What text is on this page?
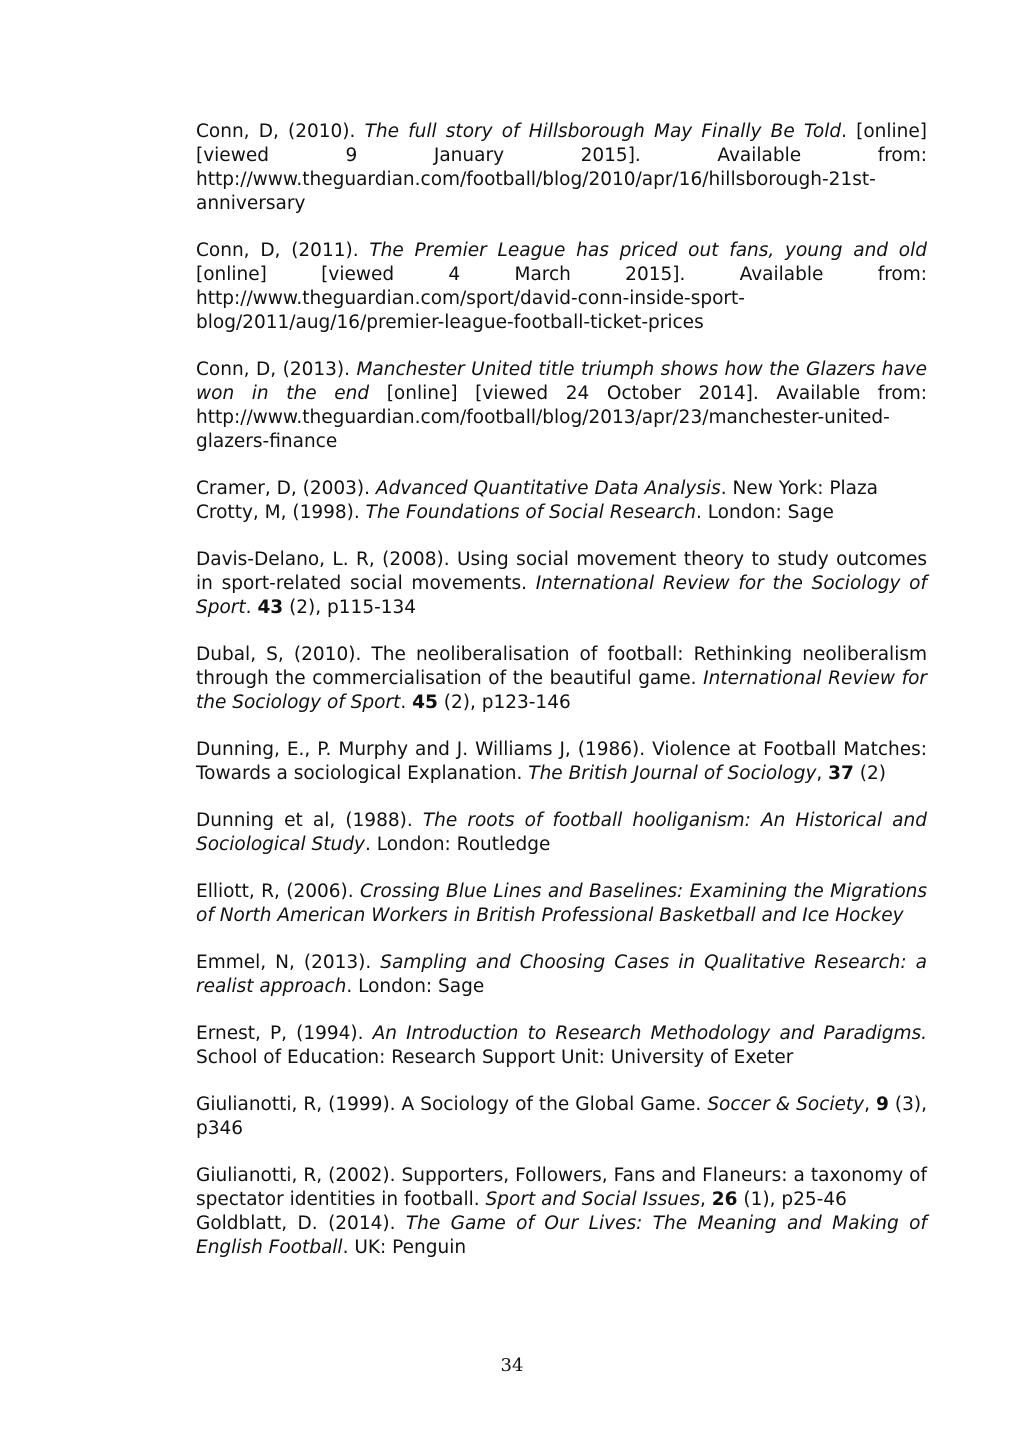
Conn, D, (2010). The full story of Hillsborough May Finally Be Told. [online] [viewed 9 January 2015]. Available from: http://www.theguardian.com/football/blog/2010/apr/16/hillsborough-21st-anniversary

Conn, D, (2011). The Premier League has priced out fans, young and old [online] [viewed 4 March 2015]. Available from: http://www.theguardian.com/sport/david-conn-inside-sport-blog/2011/aug/16/premier-league-football-ticket-prices

Conn, D, (2013). Manchester United title triumph shows how the Glazers have won in the end [online] [viewed 24 October 2014]. Available from: http://www.theguardian.com/football/blog/2013/apr/23/manchester-united-glazers-finance

Cramer, D, (2003). Advanced Quantitative Data Analysis. New York: Plaza

Crotty, M, (1998). The Foundations of Social Research. London: Sage

Davis-Delano, L. R, (2008). Using social movement theory to study outcomes in sport-related social movements. International Review for the Sociology of Sport. 43 (2), p115-134

Dubal, S, (2010). The neoliberalisation of football: Rethinking neoliberalism through the commercialisation of the beautiful game. International Review for the Sociology of Sport. 45 (2), p123-146

Dunning, E., P. Murphy and J. Williams J, (1986). Violence at Football Matches: Towards a sociological Explanation. The British Journal of Sociology, 37 (2)

Dunning et al, (1988). The roots of football hooliganism: An Historical and Sociological Study. London: Routledge

Elliott, R, (2006). Crossing Blue Lines and Baselines: Examining the Migrations of North American Workers in British Professional Basketball and Ice Hockey

Emmel, N, (2013). Sampling and Choosing Cases in Qualitative Research: a realist approach. London: Sage

Ernest, P, (1994). An Introduction to Research Methodology and Paradigms. School of Education: Research Support Unit: University of Exeter

Giulianotti, R, (1999). A Sociology of the Global Game. Soccer & Society, 9 (3), p346

Giulianotti, R, (2002). Supporters, Followers, Fans and Flaneurs: a taxonomy of spectator identities in football. Sport and Social Issues, 26 (1), p25-46

Goldblatt, D. (2014). The Game of Our Lives: The Meaning and Making of English Football. UK: Penguin

34
